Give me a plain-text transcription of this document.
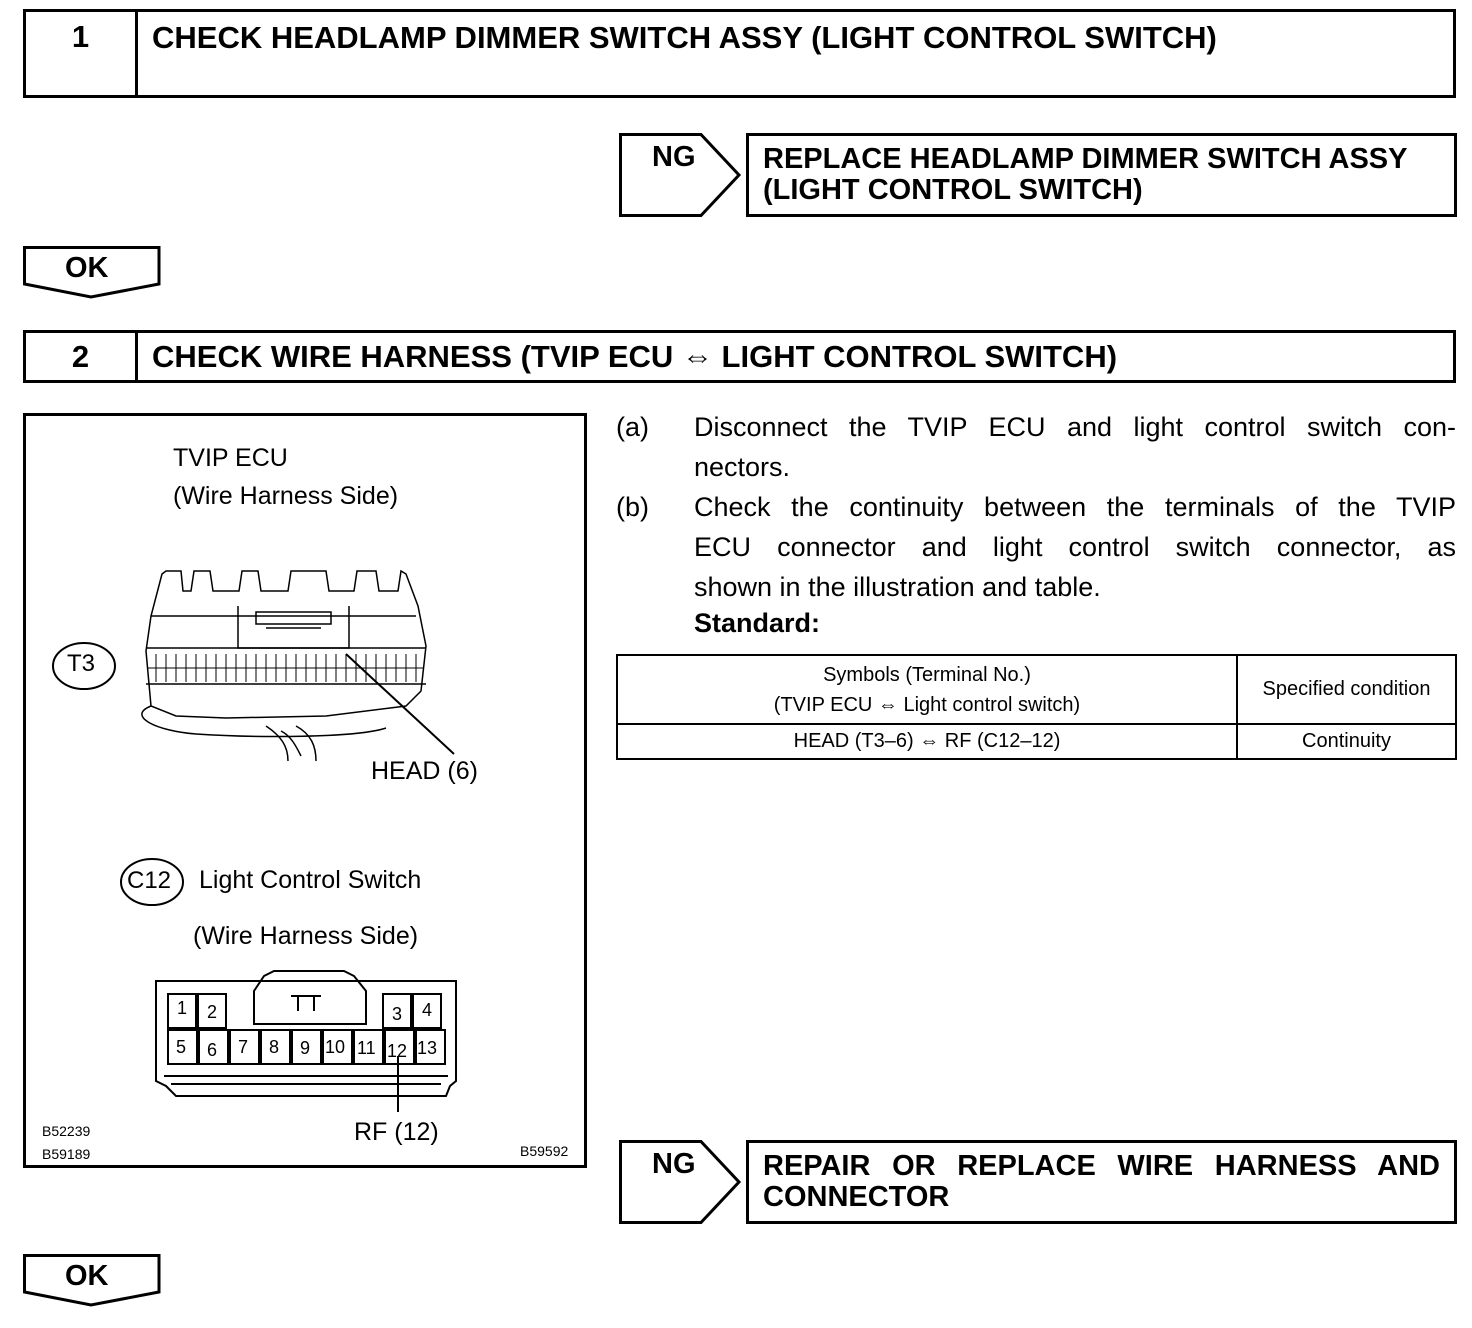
1	CHECK HEADLAMP DIMMER SWITCH ASSY (LIGHT CONTROL SWITCH)
NG REPLACE HEADLAMP DIMMER SWITCH ASSY
(LIGHT CONTROL SWITCH)
OK
2	CHECK WIRE HARNESS (TVIP ECU ⇔ LIGHT CONTROL SWITCH)
TVIP ECU
(Wire Harness Side)
T3
HEAD (6)
C12 Light Control Switch
(Wire Harness Side)
1 2	3 4
5 6 7 8 9 10 11 12 13
RF (12)
B52239
B59189	B59592
(a) Disconnect the TVIP ECU and light control switch con-
nectors.
(b) Check the continuity between the terminals of the TVIP
ECU connector and light control switch connector, as
shown in the illustration and table.
Standard:
Symbols (Terminal No.)
(TVIP ECU ⇔ Light control switch)	Specified condition
HEAD (T3–6) ⇔ RF (C12–12)	Continuity
NG REPAIR OR REPLACE WIRE HARNESS AND
CONNECTOR
OK
